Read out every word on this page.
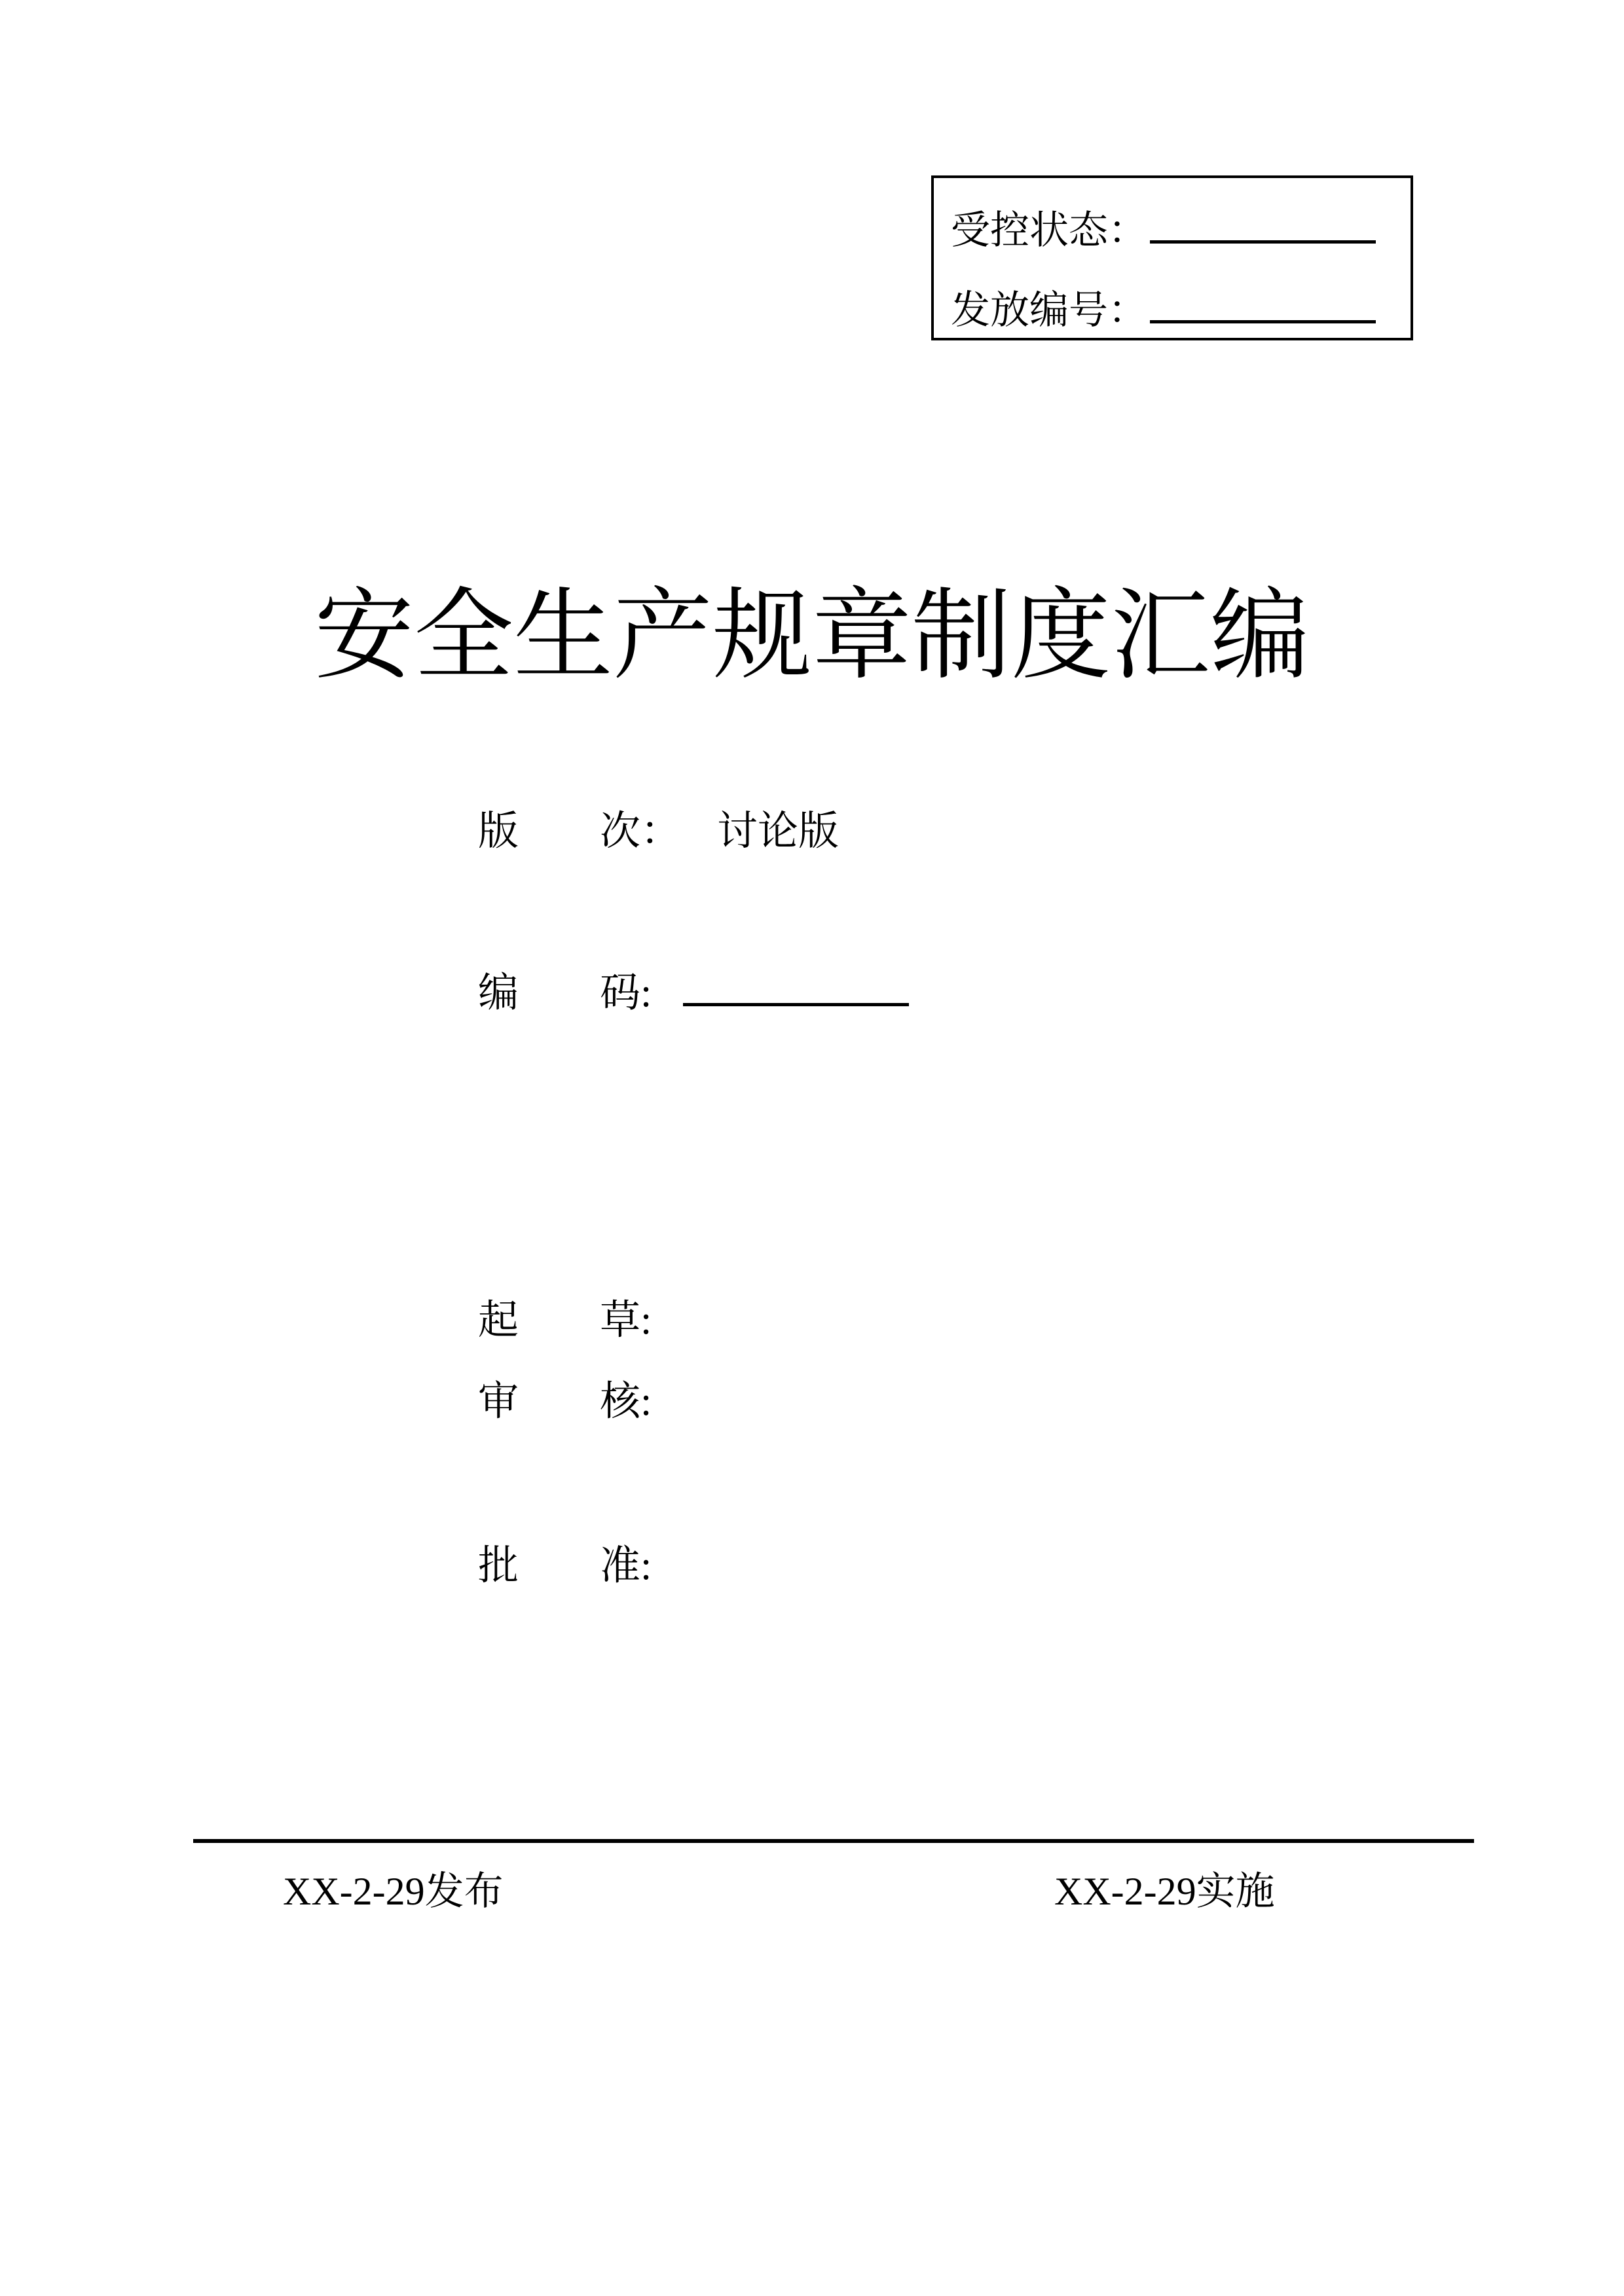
受控状态：
发放编号：
安全生产规章制度汇编
版　　次： 讨论版
编　　码:
起　　草:
审　　核:
批　　准:
XX-2-29发布	XX-2-29实施
